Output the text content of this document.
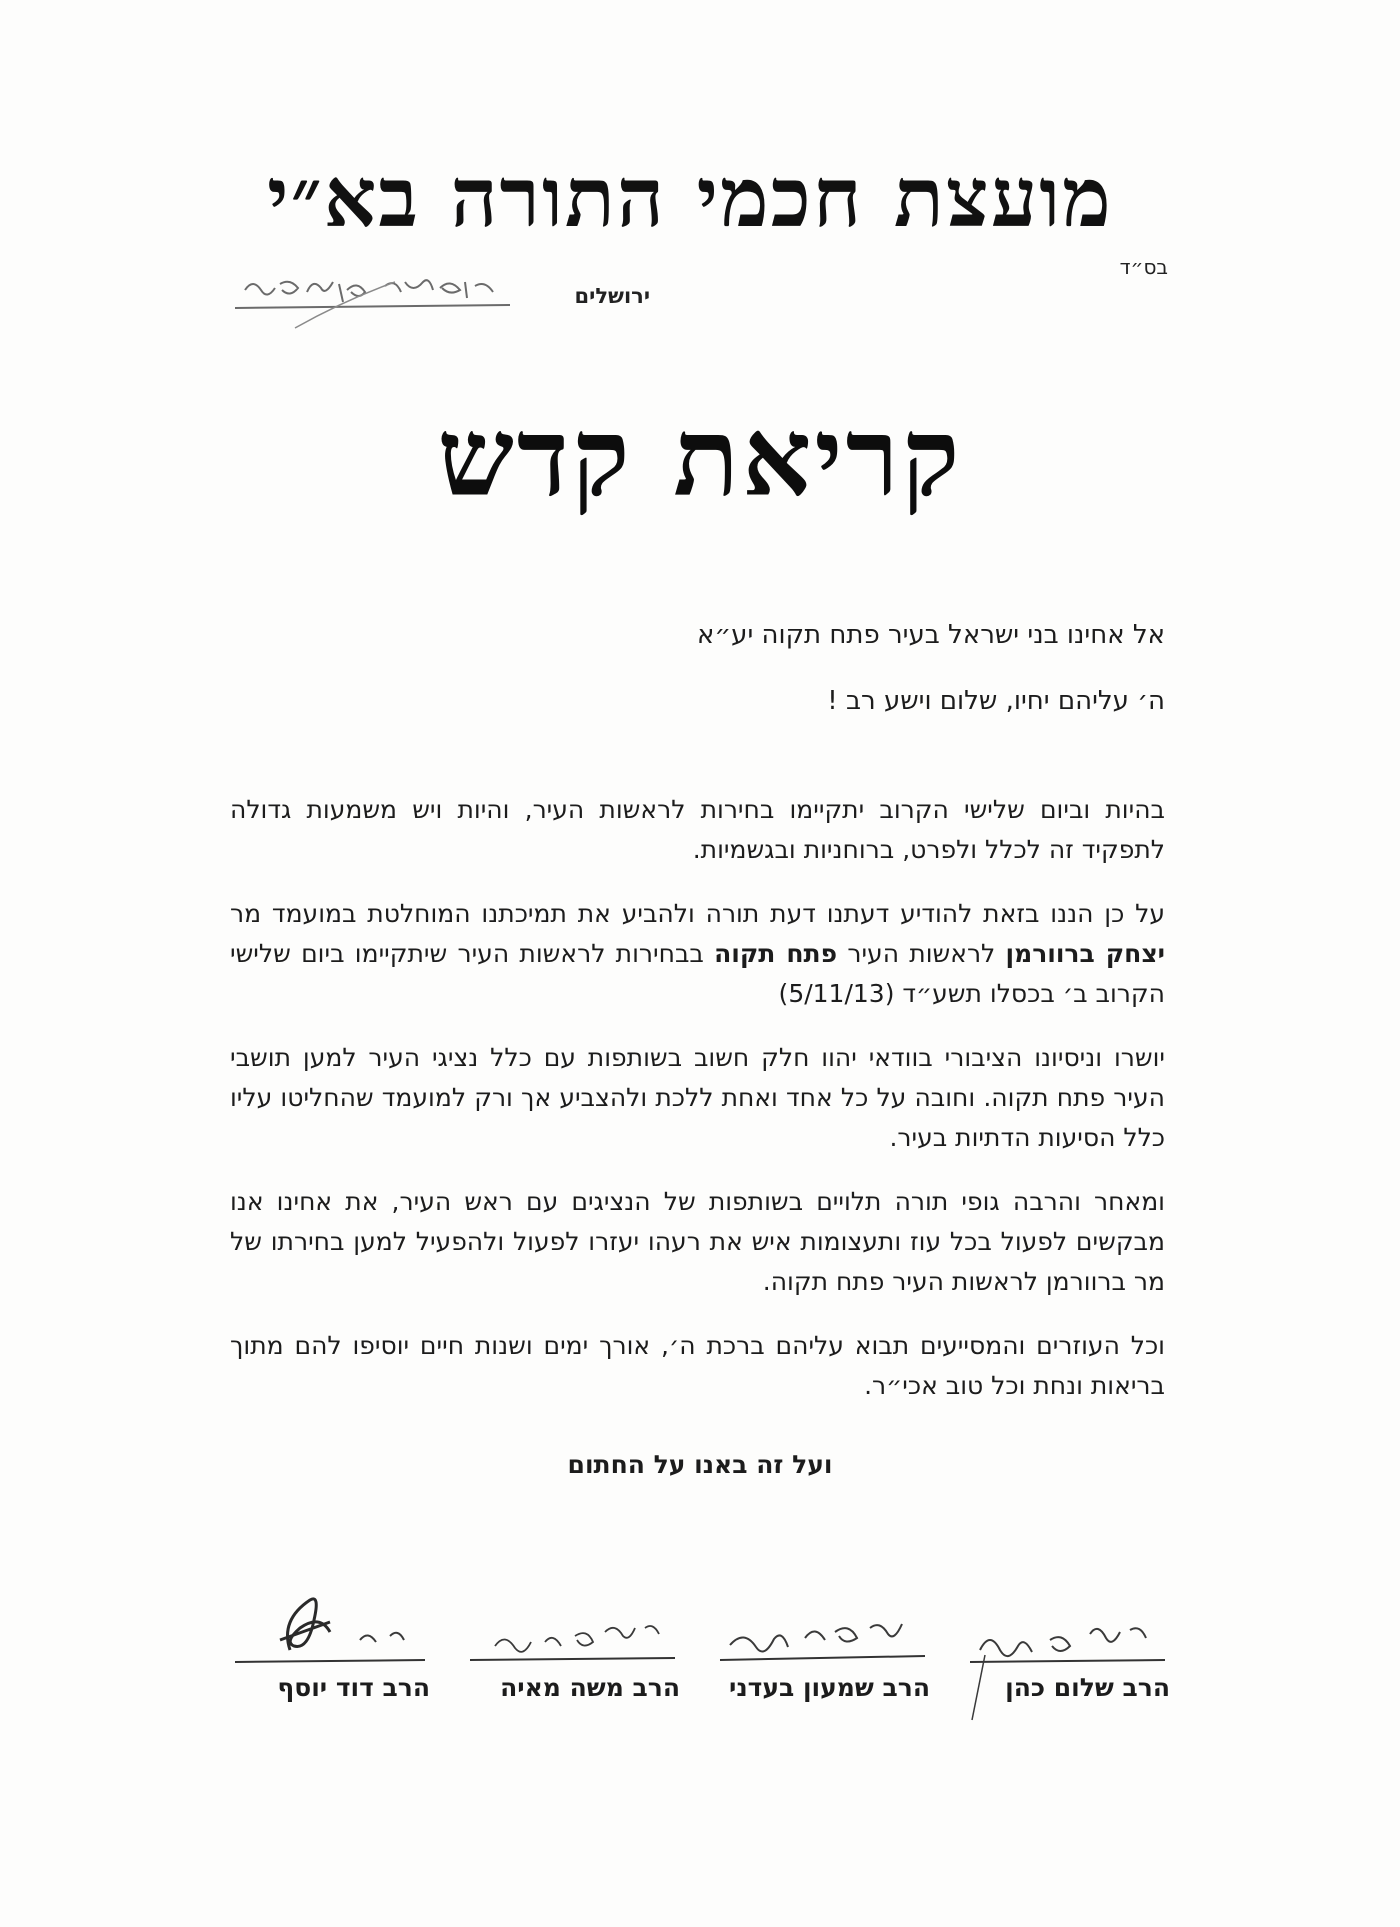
מועצת חכמי התורה בא״י
בס״ד
ירושלים
קריאת קדש

אל אחינו בני ישראל בעיר פתח תקוה יע״א

ה׳ עליהם יחיו, שלום וישע רב !

בהיות וביום שלישי הקרוב יתקיימו בחירות לראשות העיר, והיות ויש משמעות גדולה לתפקיד זה לכלל ולפרט, ברוחניות ובגשמיות.

על כן הננו בזאת להודיע דעתנו דעת תורה ולהביע את תמיכתנו המוחלטת במועמד מר יצחק ברוורמן לראשות העיר פתח תקוה בבחירות לראשות העיר שיתקיימו ביום שלישי הקרוב ב׳ בכסלו תשע״ד (5/11/13)

יושרו וניסיונו הציבורי בוודאי יהוו חלק חשוב בשותפות עם כלל נציגי העיר למען תושבי העיר פתח תקוה. וחובה על כל אחד ואחת ללכת ולהצביע אך ורק למועמד שהחליטו עליו כלל הסיעות הדתיות בעיר.

ומאחר והרבה גופי תורה תלויים בשותפות של הנציגים עם ראש העיר, את אחינו אנו מבקשים לפעול בכל עוז ותעצומות איש את רעהו יעזרו לפעול ולהפעיל למען בחירתו של מר ברוורמן לראשות העיר פתח תקוה.

וכל העוזרים והמסייעים תבוא עליהם ברכת ה׳, אורך ימים ושנות חיים יוסיפו להם מתוך בריאות ונחת וכל טוב אכי״ר.

ועל זה באנו על החתום
הרב שלום כהן
הרב שמעון בעדני
הרב משה מאיה
הרב דוד יוסף
